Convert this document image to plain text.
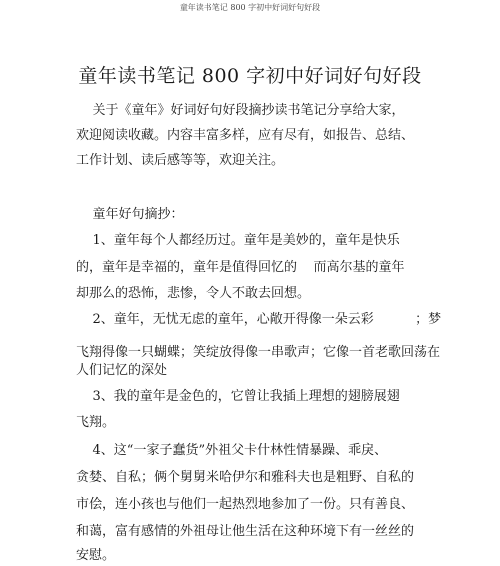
童年读书笔记 800 字初中好词好句好段
童年读书笔记 800 字初中好词好句好段
关于《童年》好词好句好段摘抄读书笔记分享给大家，
欢迎阅读收藏。内容丰富多样，应有尽有，如报告、总结、
工作计划、读后感等等，欢迎关注。
童年好句摘抄：
1、童年每个人都经历过。童年是美妙的，童年是快乐
的，童年是幸福的，童年是值得回忆的    而高尔基的童年
却那么的恐怖，悲惨，令人不敢去回想。
2、童年，无忧无虑的童年，心敞开得像一朵云彩          ；梦
飞翔得像一只蝴蝶；笑绽放得像一串歌声；它像一首老歌回荡在
人们记忆的深处
3、我的童年是金色的，它曾让我插上理想的翅膀展翅
飞翔。
4、这“一家子蠢货”外祖父卡什林性情暴躁、乖戾、
贪婪、自私；俩个舅舅米哈伊尔和雅科夫也是粗野、自私的
市侩，连小孩也与他们一起热烈地参加了一份。只有善良、
和蔼，富有感情的外祖母让他生活在这种环境下有一丝丝的
安慰。
